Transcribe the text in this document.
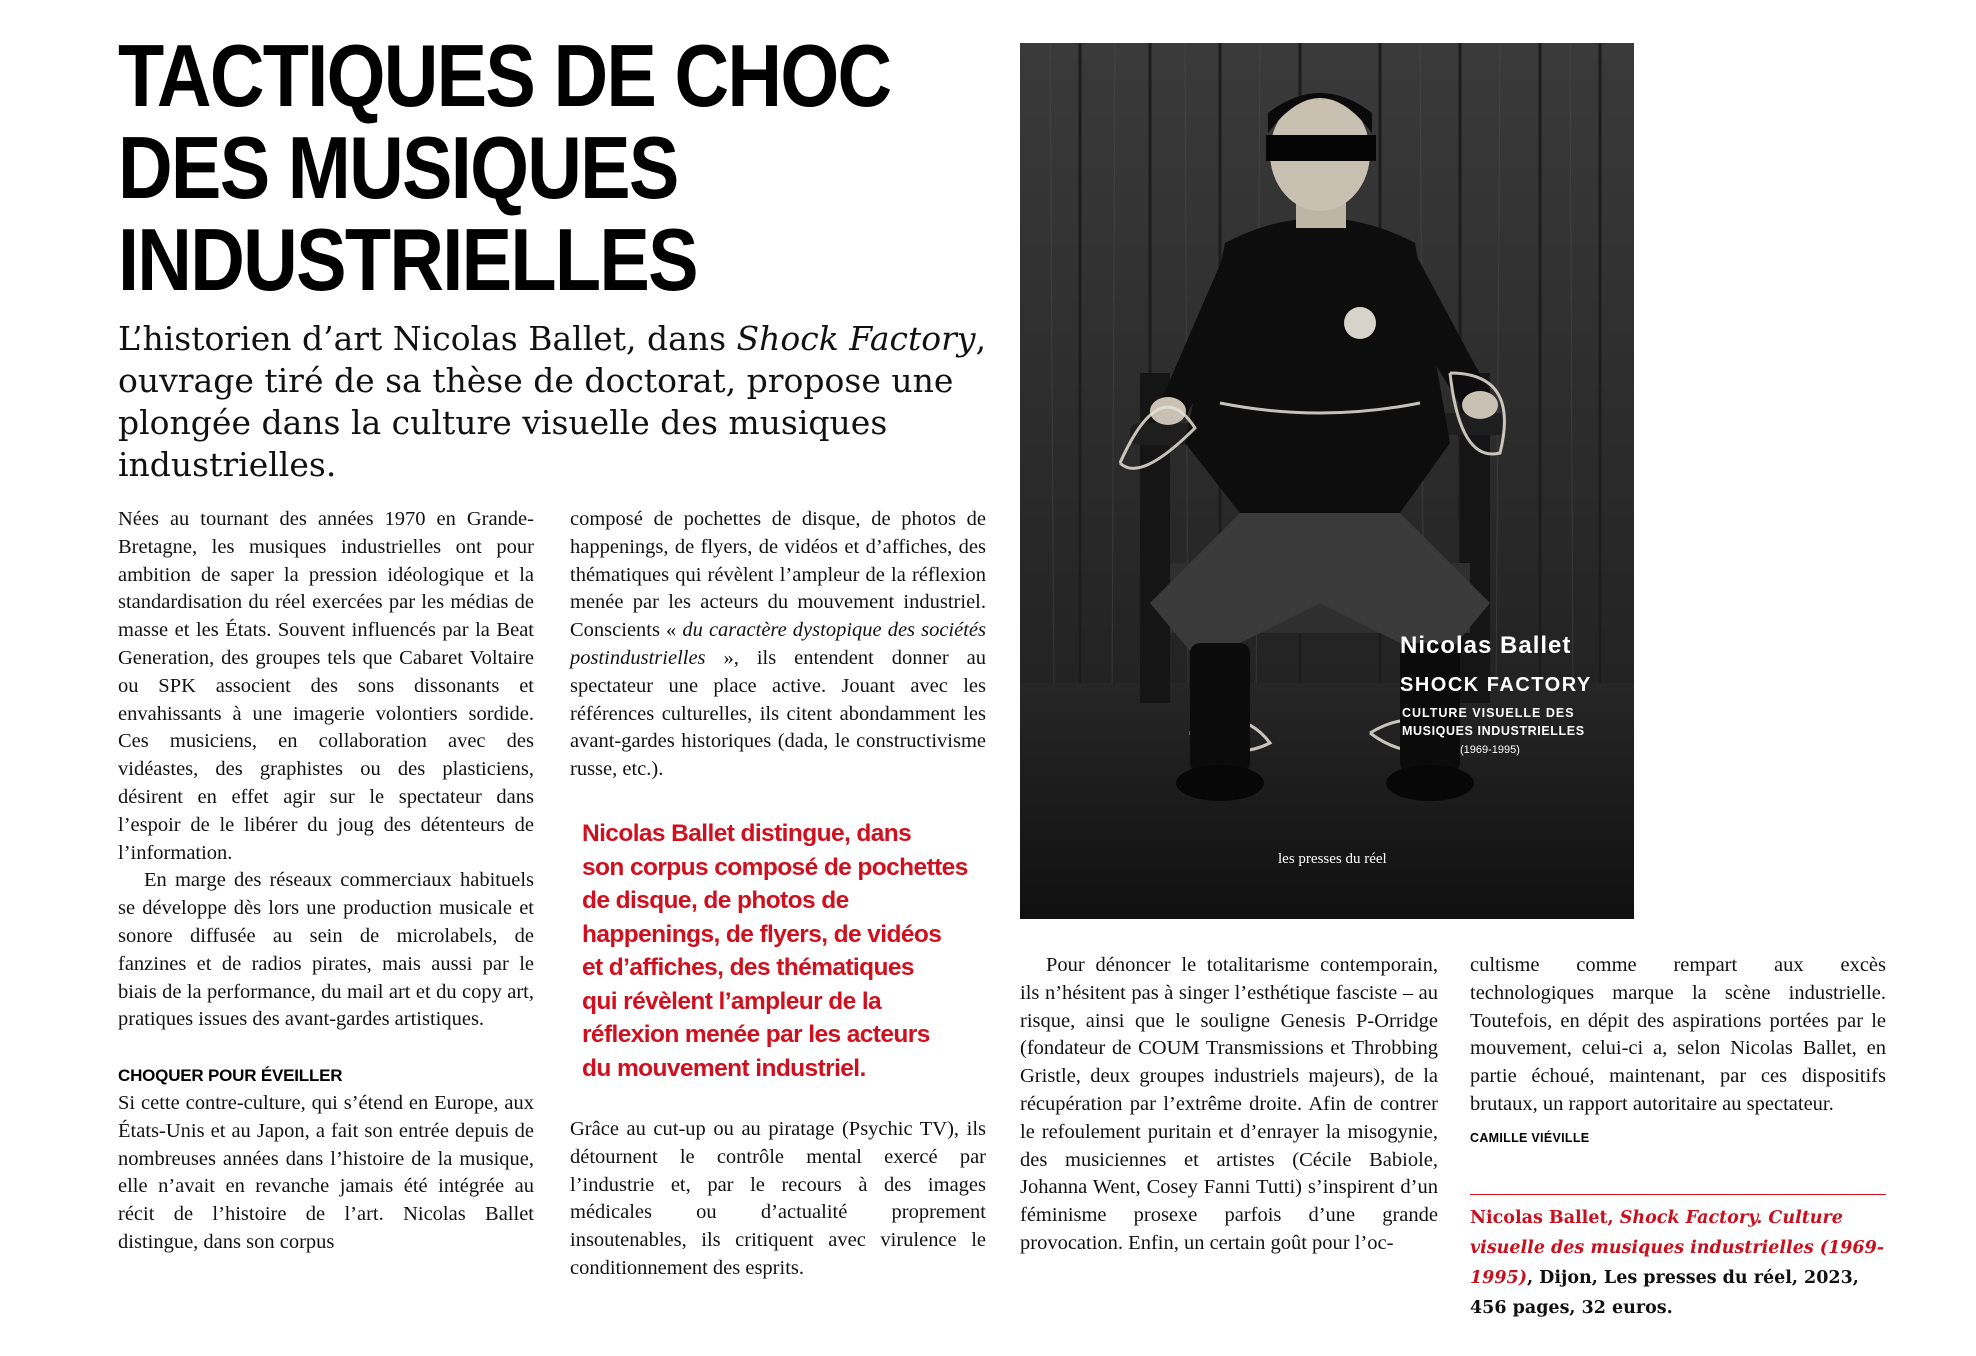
TACTIQUES DE CHOC
DES MUSIQUES
INDUSTRIELLES

L’historien d’art Nicolas Ballet, dans Shock Factory, ouvrage tiré de sa thèse de doctorat, propose une plongée dans la culture visuelle des musiques industrielles.

Nées au tournant des années 1970 en Grande-Bretagne, les musiques industrielles ont pour ambition de saper la pression idéologique et la standardisation du réel exercées par les médias de masse et les États. Souvent influencés par la Beat Generation, des groupes tels que Cabaret Voltaire ou SPK associent des sons dissonants et envahissants à une imagerie volontiers sordide. Ces musiciens, en collaboration avec des vidéastes, des graphistes ou des plasticiens, désirent en effet agir sur le spectateur dans l’espoir de le libérer du joug des détenteurs de l’information.

En marge des réseaux commerciaux habituels se développe dès lors une production musicale et sonore diffusée au sein de microlabels, de fanzines et de radios pirates, mais aussi par le biais de la performance, du mail art et du copy art, pratiques issues des avant-gardes artistiques.

CHOQUER POUR ÉVEILLER

Si cette contre-culture, qui s’étend en Europe, aux États-Unis et au Japon, a fait son entrée depuis de nombreuses années dans l’histoire de la musique, elle n’avait en revanche jamais été intégrée au récit de l’histoire de l’art. Nicolas Ballet distingue, dans son corpus

composé de pochettes de disque, de photos de happenings, de flyers, de vidéos et d’affiches, des thématiques qui révèlent l’ampleur de la réflexion menée par les acteurs du mouvement industriel. Conscients « du caractère dystopique des sociétés postindustrielles », ils entendent donner au spectateur une place active. Jouant avec les références culturelles, ils citent abondamment les avant-gardes historiques (dada, le constructivisme russe, etc.).

Nicolas Ballet distingue, dans
son corpus composé de pochettes
de disque, de photos de
happenings, de flyers, de vidéos
et d’affiches, des thématiques
qui révèlent l’ampleur de la
réflexion menée par les acteurs
du mouvement industriel.

Grâce au cut-up ou au piratage (Psychic TV), ils détournent le contrôle mental exercé par l’industrie et, par le recours à des images médicales ou d’actualité proprement insoutenables, ils critiquent avec virulence le conditionnement des esprits.

Nicolas Ballet
SHOCK FACTORY
CULTURE VISUELLE DES
MUSIQUES INDUSTRIELLES
(1969-1995)
les presses du réel

Pour dénoncer le totalitarisme contemporain, ils n’hésitent pas à singer l’esthétique fasciste – au risque, ainsi que le souligne Genesis P-Orridge (fondateur de COUM Transmissions et Throbbing Gristle, deux groupes industriels majeurs), de la récupération par l’extrême droite. Afin de contrer le refoulement puritain et d’enrayer la misogynie, des musiciennes et artistes (Cécile Babiole, Johanna Went, Cosey Fanni Tutti) s’inspirent d’un féminisme prosexe parfois d’une grande provocation. Enfin, un certain goût pour l’oc-

cultisme comme rempart aux excès technologiques marque la scène industrielle. Toutefois, en dépit des aspirations portées par le mouvement, celui-ci a, selon Nicolas Ballet, en partie échoué, maintenant, par ces dispositifs brutaux, un rapport autoritaire au spectateur.

CAMILLE VIÉVILLE

Nicolas Ballet, Shock Factory. Culture visuelle des musiques industrielles (1969-1995), Dijon, Les presses du réel, 2023, 456 pages, 32 euros.
